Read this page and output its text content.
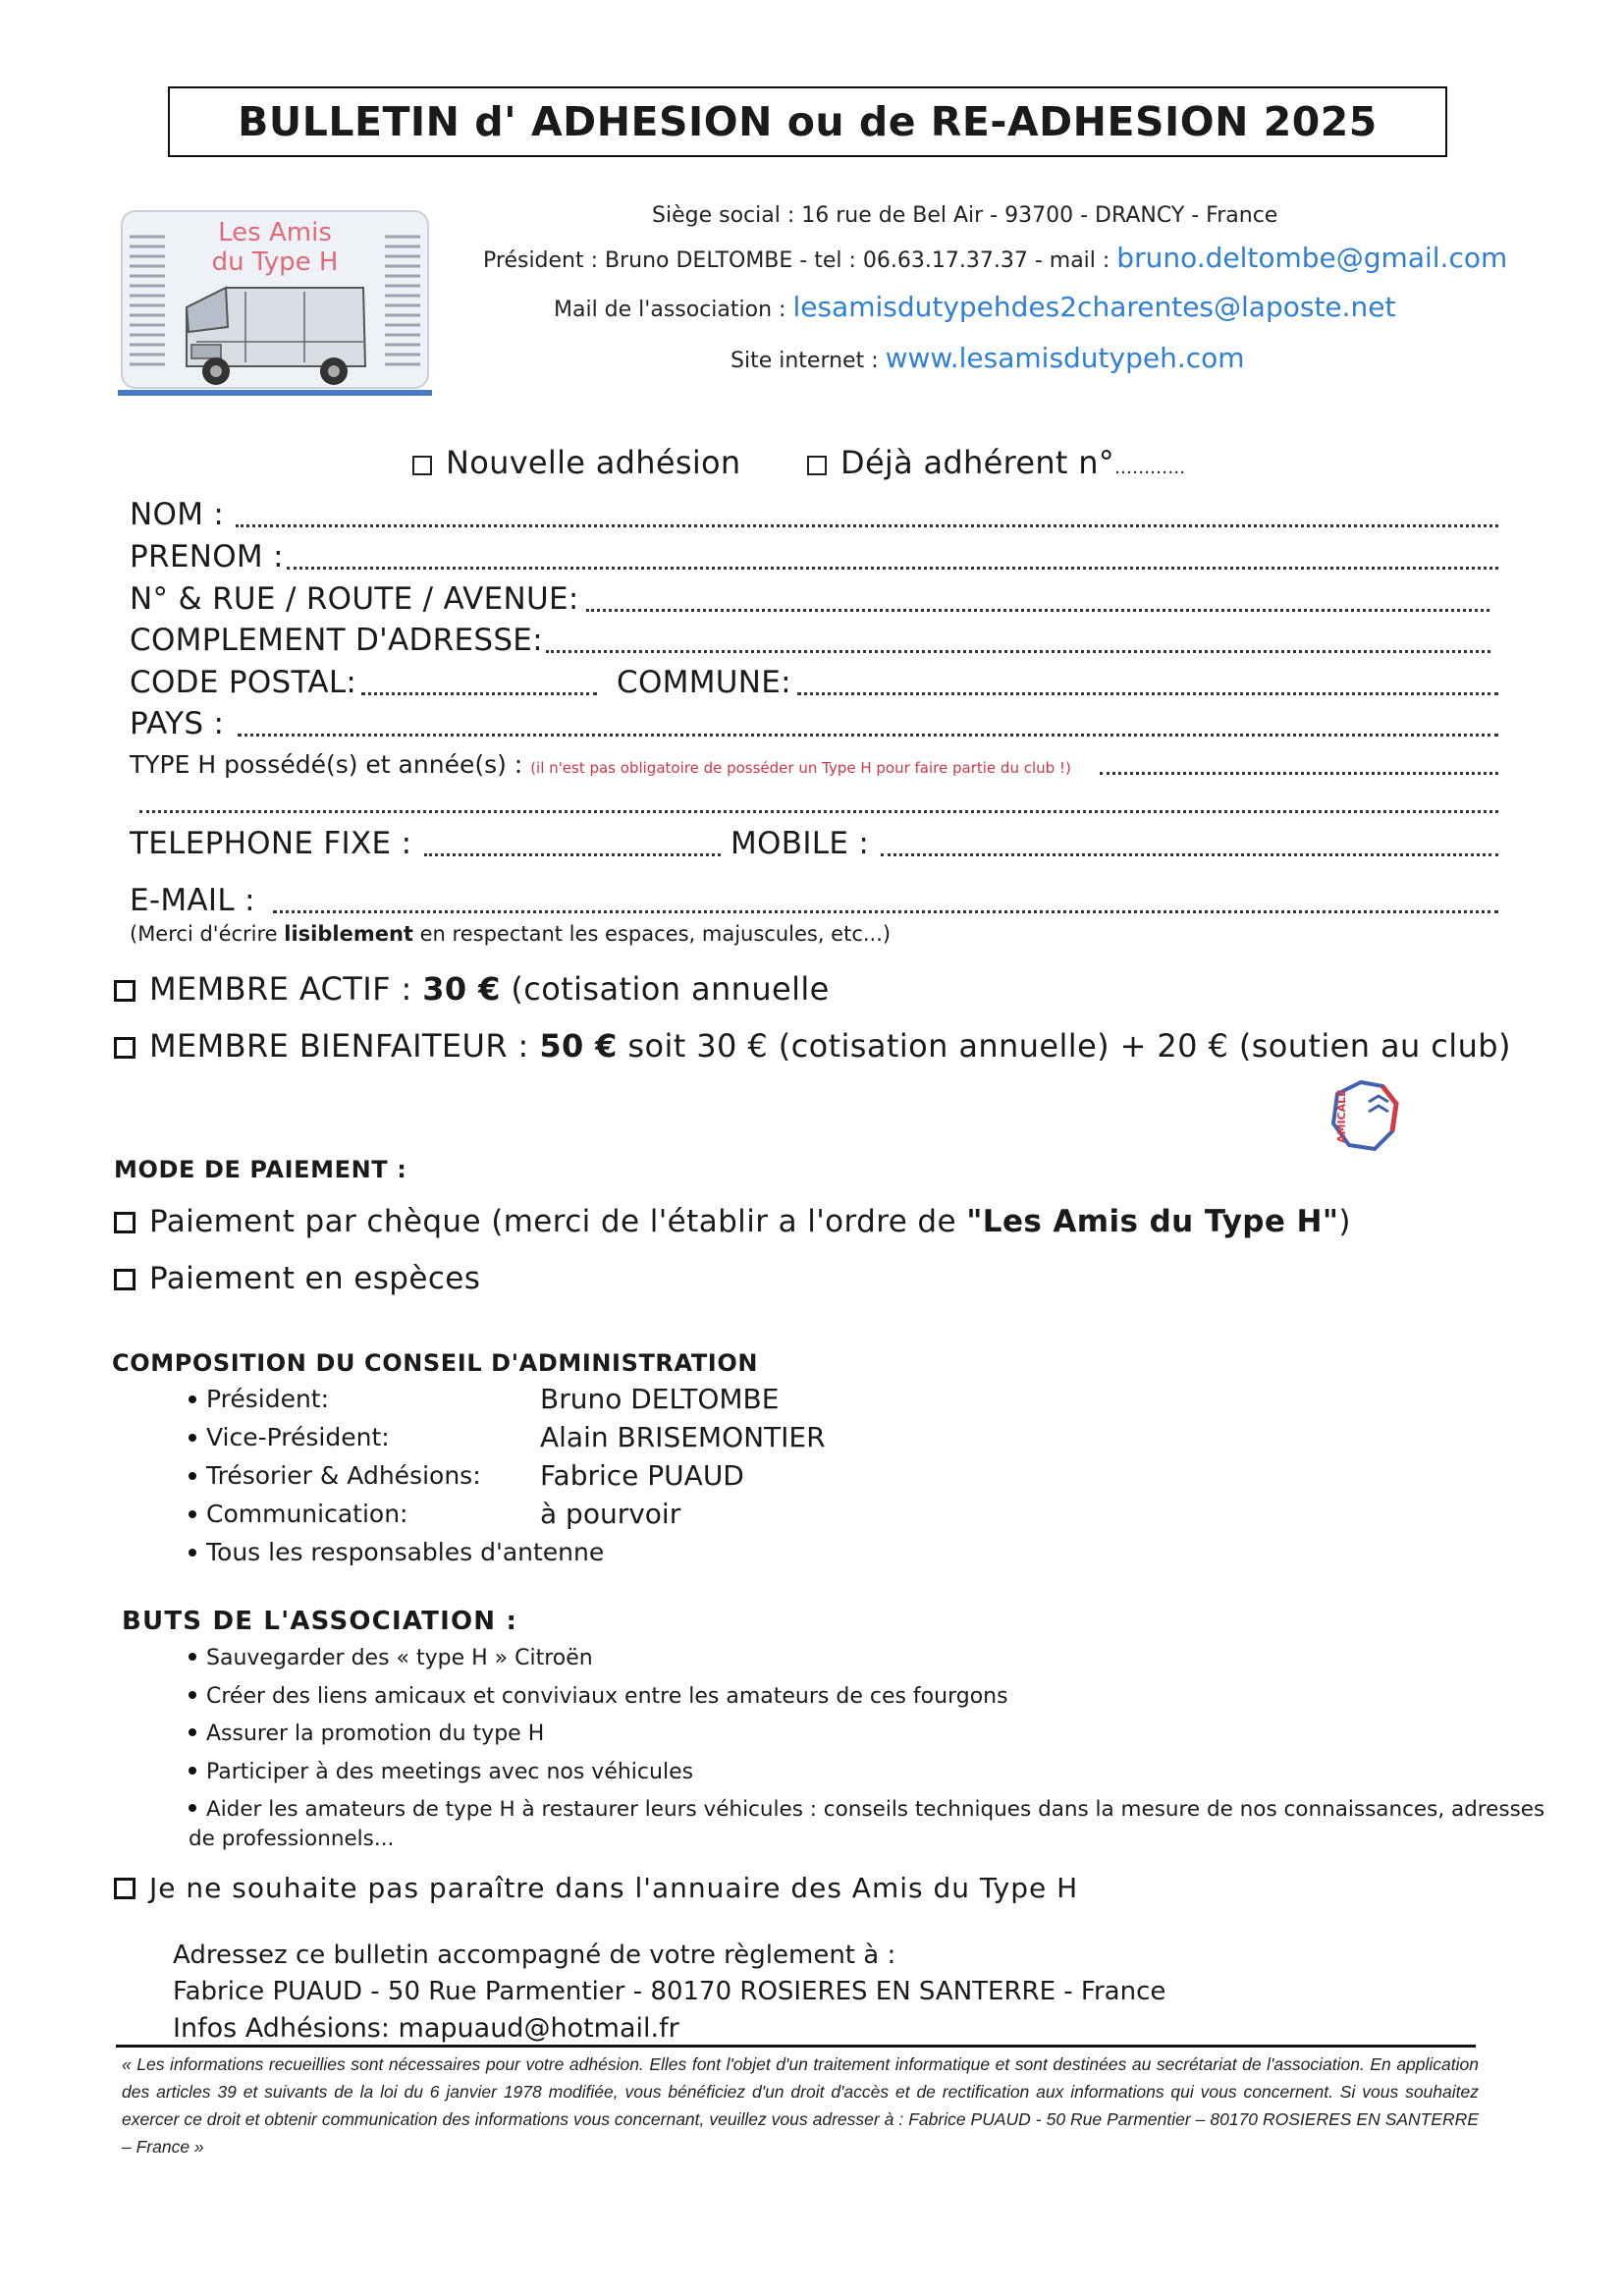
BULLETIN d' ADHESION ou de RE-ADHESION 2025
Les Amis
du Type H
Siège social : 16 rue de Bel Air - 93700 - DRANCY - France
Président : Bruno DELTOMBE - tel : 06.63.17.37.37 - mail : bruno.deltombe@gmail.com
Mail de l'association : lesamisdutypehdes2charentes@laposte.net
Site internet : www.lesamisdutypeh.com
Nouvelle adhésion	Déjà adhérent n°............
NOM :
PRENOM :
N° & RUE / ROUTE / AVENUE:
COMPLEMENT D'ADRESSE:
CODE POSTAL:	COMMUNE:
PAYS :
TYPE H possédé(s) et année(s) : (il n'est pas obligatoire de posséder un Type H pour faire partie du club !)
TELEPHONE FIXE :	MOBILE :
E-MAIL :
(Merci d'écrire lisiblement en respectant les espaces, majuscules, etc...)
MEMBRE ACTIF : 30 € (cotisation annuelle
MEMBRE BIENFAITEUR : 50 € soit 30 € (cotisation annuelle) + 20 € (soutien au club)
AMICALE
MODE DE PAIEMENT :
Paiement par chèque (merci de l'établir a l'ordre de "Les Amis du Type H")
Paiement en espèces
COMPOSITION DU CONSEIL D'ADMINISTRATION
Président:	Bruno DELTOMBE
Vice-Président:	Alain BRISEMONTIER
Trésorier & Adhésions: Fabrice PUAUD
Communication:	à pourvoir
Tous les responsables d'antenne
BUTS DE L'ASSOCIATION :
Sauvegarder des « type H » Citroën
Créer des liens amicaux et conviviaux entre les amateurs de ces fourgons
Assurer la promotion du type H
Participer à des meetings avec nos véhicules
Aider les amateurs de type H à restaurer leurs véhicules : conseils techniques dans la mesure de nos connaissances, adresses
de professionnels...
Je ne souhaite pas paraître dans l'annuaire des Amis du Type H
Adressez ce bulletin accompagné de votre règlement à :
Fabrice PUAUD - 50 Rue Parmentier - 80170 ROSIERES EN SANTERRE - France
Infos Adhésions: mapuaud@hotmail.fr
« Les informations recueillies sont nécessaires pour votre adhésion. Elles font l'objet d'un traitement informatique et sont destinées au secrétariat de l'association. En application des articles 39 et suivants de la loi du 6 janvier 1978 modifiée, vous bénéficiez d'un droit d'accès et de rectification aux informations qui vous concernent. Si vous souhaitez exercer ce droit et obtenir communication des informations vous concernant, veuillez vous adresser à : Fabrice PUAUD - 50 Rue Parmentier – 80170 ROSIERES EN SANTERRE – France »
